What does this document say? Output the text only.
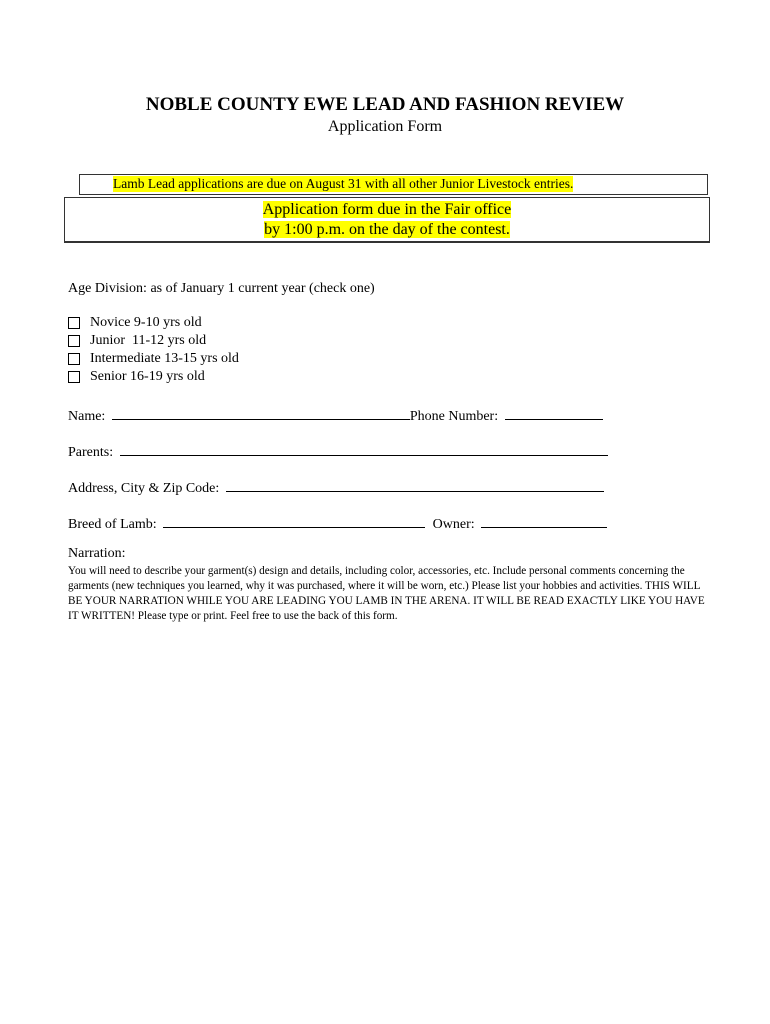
NOBLE COUNTY EWE LEAD AND FASHION REVIEW
Application Form
Lamb Lead applications are due on August 31 with all other Junior Livestock entries.
Application form due in the Fair office
by 1:00 p.m. on the day of the contest.
Age Division: as of January 1 current year (check one)
Novice 9-10 yrs old
Junior  11-12 yrs old
Intermediate 13-15 yrs old
Senior 16-19 yrs old
Name:	Phone Number:
Parents:
Address, City & Zip Code:
Breed of Lamb:	Owner:
Narration:
You will need to describe your garment(s) design and details, including color, accessories, etc. Include personal comments concerning the garments (new techniques you learned, why it was purchased, where it will be worn, etc.) Please list your hobbies and activities. THIS WILL BE YOUR NARRATION WHILE YOU ARE LEADING YOU LAMB IN THE ARENA. IT WILL BE READ EXACTLY LIKE YOU HAVE IT WRITTEN! Please type or print. Feel free to use the back of this form.
